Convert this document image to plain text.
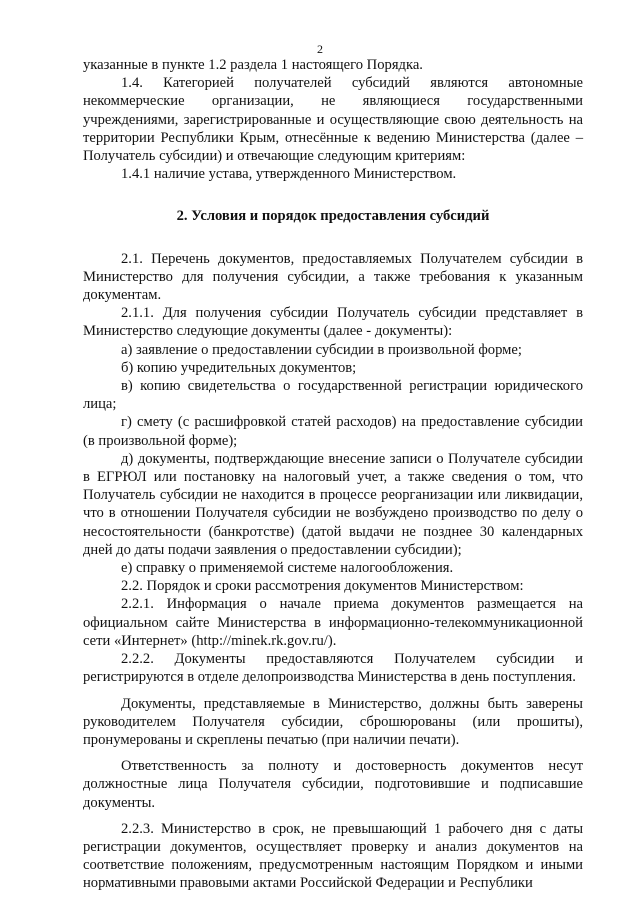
2

указанные в пункте 1.2 раздела 1 настоящего Порядка.

1.4. Категорией получателей субсидий являются автономные некоммерческие организации, не являющиеся государственными учреждениями, зарегистрированные и осуществляющие свою деятельность на территории Республики Крым, отнесённые к ведению Министерства (далее – Получатель субсидии) и отвечающие следующим критериям:

1.4.1 наличие устава, утвержденного Министерством.

2. Условия и порядок предоставления субсидий

2.1. Перечень документов, предоставляемых Получателем субсидии в Министерство для получения субсидии, а также требования к указанным документам.

2.1.1. Для получения субсидии Получатель субсидии представляет в Министерство следующие документы (далее - документы):

а) заявление о предоставлении субсидии в произвольной форме;

б) копию учредительных документов;

в) копию свидетельства о государственной регистрации юридического лица;

г) смету (с расшифровкой статей расходов) на предоставление субсидии (в произвольной форме);

д) документы, подтверждающие внесение записи о Получателе субсидии в ЕГРЮЛ или постановку на налоговый учет, а также сведения о том, что Получатель субсидии не находится в процессе реорганизации или ликвидации, что в отношении Получателя субсидии не возбуждено производство по делу о несостоятельности (банкротстве) (датой выдачи не позднее 30 календарных дней до даты подачи заявления о предоставлении субсидии);

е) справку о применяемой системе налогообложения.

2.2. Порядок и сроки рассмотрения документов Министерством:

2.2.1. Информация о начале приема документов размещается на официальном сайте Министерства в информационно-телекоммуникационной сети «Интернет» (http://minek.rk.gov.ru/).

2.2.2. Документы предоставляются Получателем субсидии и регистрируются в отделе делопроизводства Министерства в день поступления.

Документы, представляемые в Министерство, должны быть заверены руководителем Получателя субсидии, сброшюрованы (или прошиты), пронумерованы и скреплены печатью (при наличии печати).

Ответственность за полноту и достоверность документов несут должностные лица Получателя субсидии, подготовившие и подписавшие документы.

2.2.3. Министерство в срок, не превышающий 1 рабочего дня с даты регистрации документов, осуществляет проверку и анализ документов на соответствие положениям, предусмотренным настоящим Порядком и иными нормативными правовыми актами Российской Федерации и Республики
